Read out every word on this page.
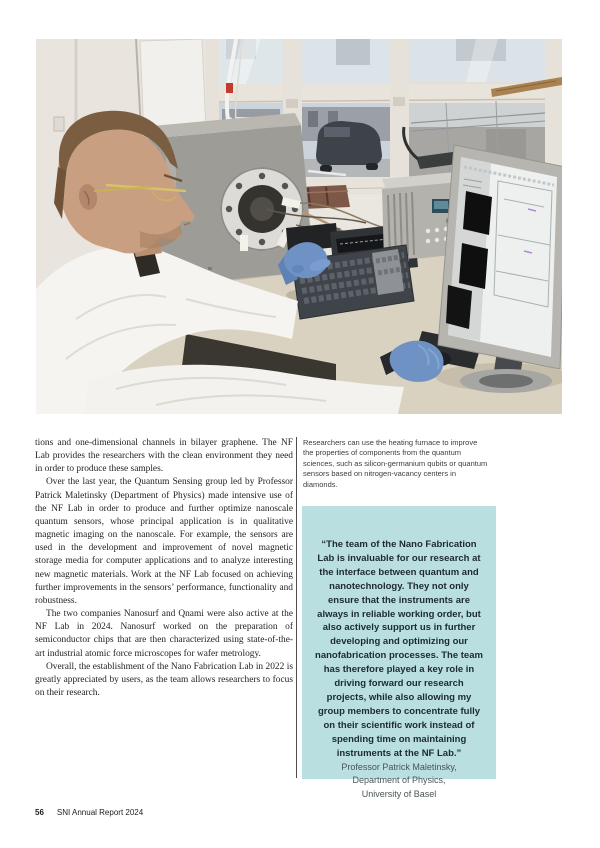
tions and one-dimensional channels in bilayer graphene. The NF Lab provides the researchers with the clean environment they need in order to produce these samples.

Over the last year, the Quantum Sensing group led by Professor Patrick Maletinsky (Department of Physics) made intensive use of the NF Lab in order to produce and further optimize nanoscale quantum sensors, whose principal application is in qualitative magnetic imaging on the nanoscale. For example, the sensors are used in the development and improvement of novel magnetic storage media for computer applications and to analyze interesting new magnetic materials. Work at the NF Lab focused on achieving further improvements in the sensors’ performance, functionality and robustness.

The two companies Nanosurf and Qnami were also active at the NF Lab in 2024. Nanosurf worked on the preparation of semiconductor chips that are then characterized using state-of-the-art industrial atomic force microscopes for wafer metrology.

Overall, the establishment of the Nano Fabrication Lab in 2022 is greatly appreciated by users, as the team allows researchers to focus on their research.

Researchers can use the heating furnace to improve the properties of components from the quantum sciences, such as silicon-germanium qubits or quantum sensors based on nitrogen-vacancy centers in diamonds.

“The team of the Nano Fabrication Lab is invaluable for our research at the interface between quantum and nanotechnology. They not only ensure that the instruments are always in reliable working order, but also actively support us in further developing and optimizing our nanofabrication processes. The team has therefore played a key role in driving forward our research projects, while also allowing my group members to concentrate fully on their scientific work instead of spending time on maintaining instruments at the NF Lab.”

Professor Patrick Maletinsky,

Department of Physics,

University of Basel

56 SNI Annual Report 2024
